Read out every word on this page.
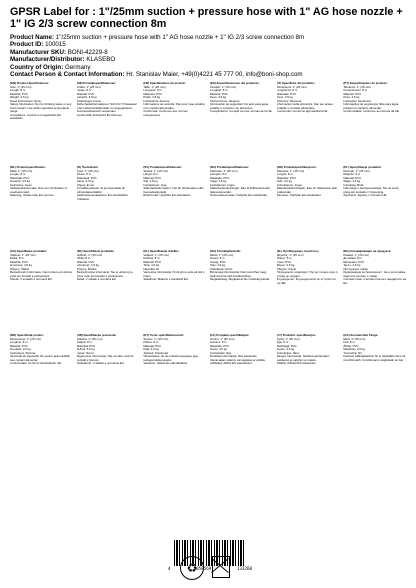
GPSR Label for : 1"/25mm suction + pressure hose with 1" AG hose nozzle + 1" IG 2/3 screw connection 8m
Product Name: 1"/25mm suction + pressure hose with 1" AG hose nozzle + 1" IG 2/3 screw connection 8m
Product ID: 100015
Manufacturer SKU: BONI-42229-8
Manufacturer/Distributor: KLASEBO
Country of Origin: Germany
Contact Person & Contact Information: Hr. Stanislav Maier, +49(0)4221 45 777 00, info@boni-shop.com
(EN) Product Specifications:
Size: 1" (25 mm)
Length: 8 m
Material: PVC
Weight: 4.5 kg
Need Instructions: None
Safety Information: Not for drinking water or any food contact. Use within specified temperature range.
Compliance: Conforms to applicable EU standards.
(DE) Produktspezifikationen:
Größe: 1" (25 mm)
Länge: 8 m
Material: PVC
Gewicht: 4,5 kg
Anleitungen: Keine
Sicherheitsinformationen: Nicht für Trinkwasser oder Lebensmittelkontakt. Im angegebenen Temperaturbereich verwenden.
Konformität: Entspricht EU-Normen.
(FR) Spécifications du produit:
Taille: 1" (25 mm)
Longueur: 8 m
Matériau: PVC
Poids: 4,5 kg
Instructions: Aucune
Informations de sécurité: Pas pour l'eau potable ni le contact alimentaire.
Conformité: Conforme aux normes européennes.
(ES) Especificaciones del producto:
Tamaño: 1" (25 mm)
Longitud: 8 m
Material: PVC
Peso: 4,5 kg
Instrucciones: Ninguna
Información de seguridad: No apto para agua potable o contacto con alimentos.
Cumplimiento: Cumple con las normas de la UE.
(IT) Specifiche del prodotto:
Dimensioni: 1" (25 mm)
Lunghezza: 8 m
Materiale: PVC
Peso: 4,5 kg
Istruzioni: Nessuna
Informazioni sulla sicurezza: Non per acqua potabile o contatto alimentare.
Conformità: Conforme agli standard UE.
(PT) Especificações do produto:
Tamanho: 1" (25 mm)
Comprimento: 8 m
Material: PVC
Peso: 4,5 kg
Instruções: Nenhuma
Informações de segurança: Não para água potável ou contacto alimentar.
Conformidade: Conforme as normas da UE.
(NL) Productspecificaties:
Maat: 1" (25 mm)
Lengte: 8 m
Materiaal: PVC
Gewicht: 4,5 kg
Instructies: Geen
Veiligheidsinformatie: Niet voor drinkwater of voedselcontact.
Naleving: Voldoet aan EU-normen.
(FI) Tuotetiedot:
Koko: 1" (25 mm)
Pituus: 8 m
Materiaali: PVC
Paino: 4,5 kg
Ohjeet: Ei ole
Turvallisuustiedot: Ei juomavedelle tai elintarvikekontaktiin.
Vaatimustenmukaisuus: EU-standardien mukainen.
(SV) Produktspecifikationer:
Storlek: 1" (25 mm)
Längd: 8 m
Material: PVC
Vikt: 4,5 kg
Instruktioner: Inga
Säkerhetsinformation: Inte för dricksvatten eller livsmedelskontakt.
Efterlevnad: Uppfyller EU-standarder.
(DA) Produktspecifikationer:
Størrelse: 1" (25 mm)
Længde: 8 m
Materiale: PVC
Vægt: 4,5 kg
Instruktioner: Ingen
Sikkerhedsoplysninger: Ikke til drikkevand eller fødevarekontakt.
Overensstemmelse: Opfylder EU-standarder.
(NO) Produktspesifikasjoner:
Størrelse: 1" (25 mm)
Lengde: 8 m
Materiale: PVC
Vekt: 4,5 kg
Instruksjoner: Ingen
Sikkerhetsinformasjon: Ikke for drikkevann eller matkontakt.
Samsvar: Oppfyller EU-standarder.
(PL) Specyfikacje produktu:
Rozmiar: 1" (25 mm)
Długość: 8 m
Materiał: PVC
Waga: 4,5 kg
Instrukcje: Brak
Informacje o bezpieczeństwie: Nie do wody pitnej ani kontaktu z żywnością.
Zgodność: Zgodny z normami UE.
(CS) Specifikace produktu:
Velikost: 1" (25 mm)
Délka: 8 m
Materiál: PVC
Hmotnost: 4,5 kg
Pokyny: Žádné
Bezpečnostní informace: Není určeno pro pitnou vodu ani kontakt s potravinami.
Shoda: V souladu s normami EU.
(SK) Špecifikácie produktu:
Veľkosť: 1" (25 mm)
Dĺžka: 8 m
Materiál: PVC
Hmotnosť: 4,5 kg
Pokyny: Žiadne
Bezpečnostné informácie: Nie je určené pre pitnú vodu ani kontakt s potravinami.
Súlad: V súlade s normami EÚ.
(SL) Specifikacije izdelka:
Velikost: 1" (25 mm)
Dolžina: 8 m
Material: PVC
Teža: 4,5 kg
Navodila: Ni
Varnostne informacije: Ni za pitno vodo ali stik s hrano.
Skladnost: Skladno s standardi EU.
(HU) Termékjellemzők:
Méret: 1" (25 mm)
Hossz: 8 m
Anyag: PVC
Súly: 4,5 kg
Utasítások: Nincs
Biztonsági információk: Nem ivóvízhez vagy élelmiszerrel való érintkezéshez.
Megfelelőség: Megfelel az EU szabványoknak.
(EL) Προδιαγραφές προϊόντος:
Μέγεθος: 1" (25 mm)
Μήκος: 8 m
Υλικό: PVC
Βάρος: 4,5 kg
Οδηγίες: Καμία
Πληροφορίες ασφαλείας: Όχι για πόσιμο νερό ή επαφή με τρόφιμα.
Συμμόρφωση: Συμμορφώνεται με τα πρότυπα της ΕΕ.
(BG) Спецификации на продукта:
Размер: 1" (25 mm)
Дължина: 8 m
Материал: PVC
Тегло: 4,5 kg
Инструкции: Няма
Информация за безопасност: Не е за питейна вода или контакт с храни.
Съответствие: Съответства на стандартите на ЕС.
(RO) Specificații produs:
Dimensiune: 1" (25 mm)
Lungime: 8 m
Material: PVC
Greutate: 4,5 kg
Instrucțiuni: Niciuna
Informații de siguranță: Nu pentru apă potabilă sau contact alimentar.
Conformitate: Conform standardelor UE.
(HR) Specifikacije proizvoda:
Veličina: 1" (25 mm)
Duljina: 8 m
Materijal: PVC
Težina: 4,5 kg
Upute: Nema
Sigurnosne informacije: Nije za pitku vodu ili kontakt s hranom.
Sukladnost: U skladu s normama EU.
(ET) Toote spetsifikatsioonid:
Suurus: 1" (25 mm)
Pikkus: 8 m
Materjal: PVC
Kaal: 4,5 kg
Juhised: Puuduvad
Ohutusteave: Ei ole mõeldud joogivee ega toiduga kokkupuuteks.
Vastavus: Vastab EL standarditele.
(LV) Produkta specifikācijas:
Izmērs: 1" (25 mm)
Garums: 8 m
Materiāls: PVC
Svars: 4,5 kg
Instrukcijas: Nav
Drošības informācija: Nav paredzēts dzeramajam ūdenim vai saskarei ar pārtiku.
Atbilstība: Atbilst ES standartiem.
(LT) Produkto specifikacijos:
Dydis: 1" (25 mm)
Ilgis: 8 m
Medžiaga: PVC
Svoris: 4,5 kg
Instrukcijos: Nėra
Saugos informacija: Neskirta geriamajam vandeniui ar sąlyčiui su maistu.
Atitiktis: Atitinka ES standartus.
(GA) Sonraíochtaí Táirge:
Méid: 1" (25 mm)
Fad: 8 m
Ábhar: PVC
Meáchan: 4,5 kg
Treoracha: Níl
Faisnéis sábháilteachta: Ní le haghaidh uisce óil.
Comhlíonadh: Comhlíonann caighdeáin an AE.
4	058569	133260
♻
